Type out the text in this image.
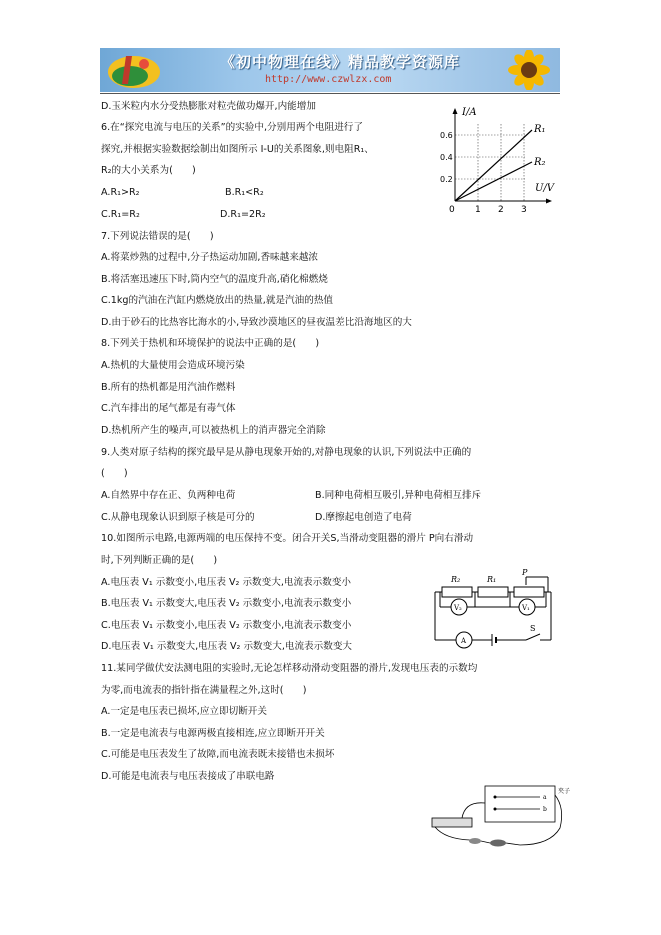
《初中物理在线》精品教学资源库
http://www.czwlzx.com
D.玉米粒内水分受热膨胀对粒壳做功爆开,内能增加
6.在“探究电流与电压的关系”的实验中,分别用两个电阻进行了
探究,并根据实验数据绘制出如图所示 I-U的关系图象,则电阻R₁、
R₂的大小关系为(　　)
A.R₁>R₂	B.R₁<R₂
C.R₁=R₂	D.R₁=2R₂
7.下列说法错误的是(　　)
A.将菜炒熟的过程中,分子热运动加剧,香味越来越浓
B.将活塞迅速压下时,筒内空气的温度升高,硝化棉燃烧
C.1kg的汽油在汽缸内燃烧放出的热量,就是汽油的热值
D.由于砂石的比热容比海水的小,导致沙漠地区的昼夜温差比沿海地区的大
8.下列关于热机和环境保护的说法中正确的是(　　)
A.热机的大量使用会造成环境污染
B.所有的热机都是用汽油作燃料
C.汽车排出的尾气都是有毒气体
D.热机所产生的噪声,可以被热机上的消声器完全消除
9.人类对原子结构的探究最早是从静电现象开始的,对静电现象的认识,下列说法中正确的
(　　)
A.自然界中存在正、负两种电荷	B.同种电荷相互吸引,异种电荷相互排斥
C.从静电现象认识到原子核是可分的	D.摩擦起电创造了电荷
10.如图所示电路,电源两端的电压保持不变。闭合开关S,当滑动变阻器的滑片 P向右滑动
时,下列判断正确的是(　　)
A.电压表 V₁ 示数变小,电压表 V₂ 示数变大,电流表示数变小
B.电压表 V₁ 示数变大,电压表 V₂ 示数变小,电流表示数变小
C.电压表 V₁ 示数变小,电压表 V₂ 示数变小,电流表示数变小
D.电压表 V₁ 示数变大,电压表 V₂ 示数变大,电流表示数变大
11.某同学做伏安法测电阻的实验时,无论怎样移动滑动变阻器的滑片,发现电压表的示数均
为零,而电流表的指针指在满量程之外,这时(　　)
A.一定是电压表已损坏,应立即切断开关
B.一定是电流表与电源两极直接相连,应立即断开开关
C.可能是电压表发生了故障,而电流表既未接错也未损坏
D.可能是电流表与电压表接成了串联电路
I/A
U/V
0
0.6
0.4
0.2
1 2 3
R₁
R₂
R₂	R₁
P
V₂	V₁
A
S
a
b
夹子
